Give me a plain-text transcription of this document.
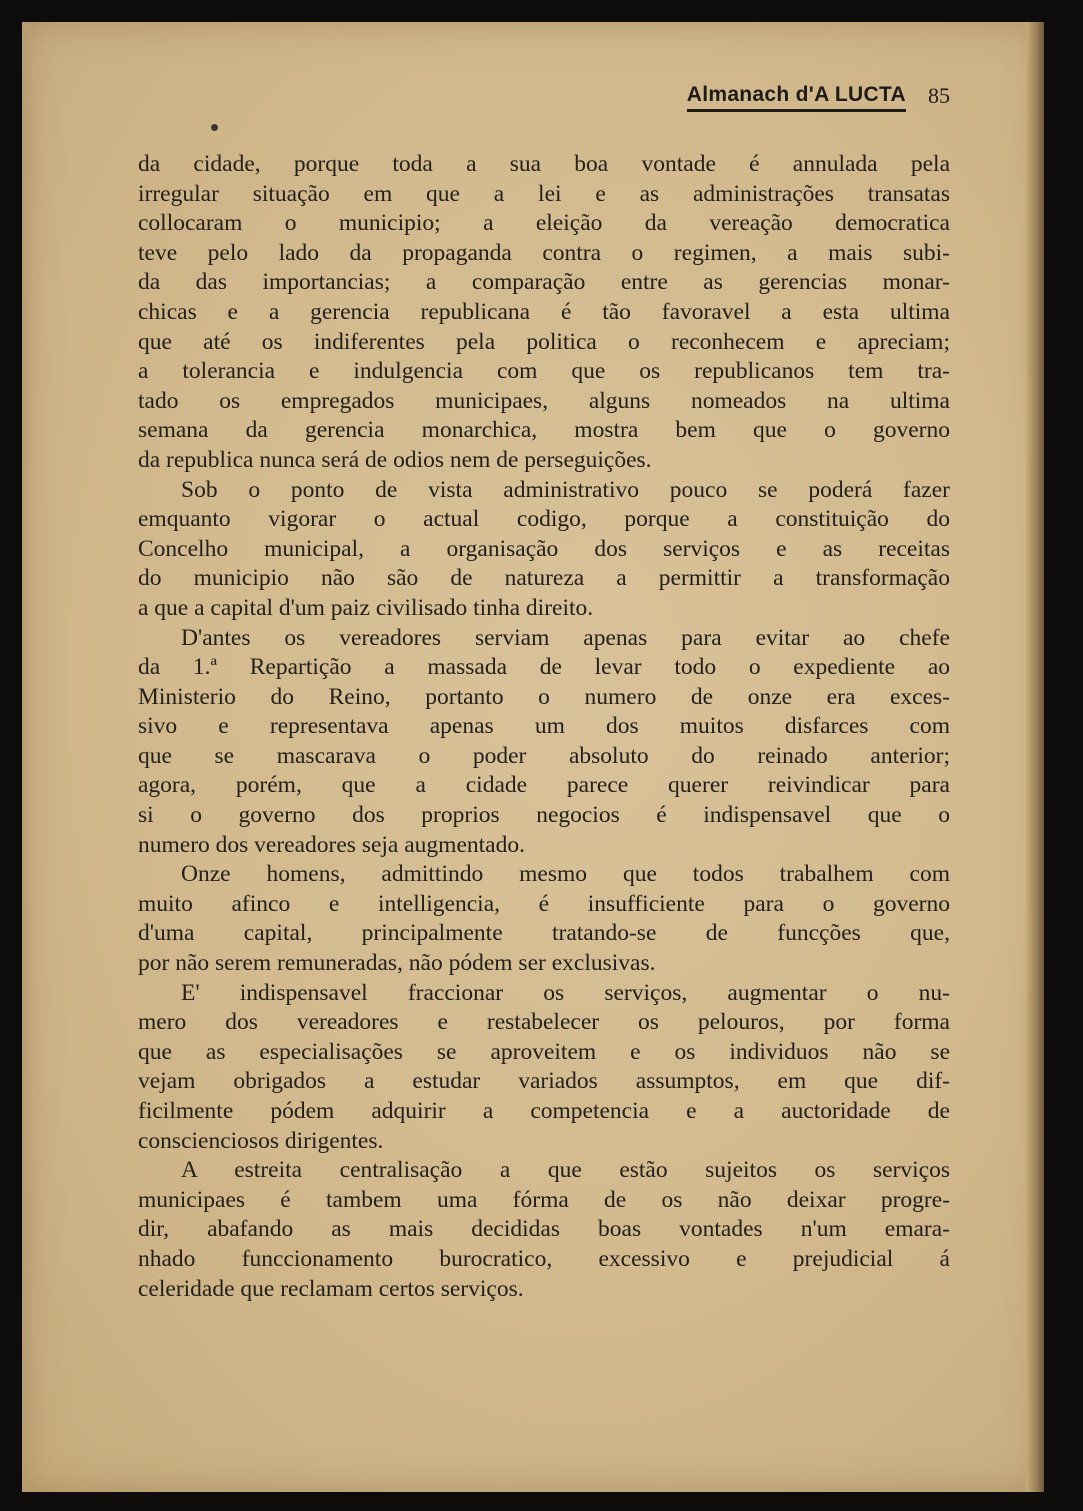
Almanach d'A LUCTA 85
da cidade, porque toda a sua boa vontade é annulada pela
irregular situação em que a lei e as administrações transatas
collocaram o municipio; a eleição da vereação democratica
teve pelo lado da propaganda contra o regimen, a mais subi-
da das importancias; a comparação entre as gerencias monar-
chicas e a gerencia republicana é tão favoravel a esta ultima
que até os indiferentes pela politica o reconhecem e apreciam;
a tolerancia e indulgencia com que os republicanos tem tra-
tado os empregados municipaes, alguns nomeados na ultima
semana da gerencia monarchica, mostra bem que o governo
da republica nunca será de odios nem de perseguições.
Sob o ponto de vista administrativo pouco se poderá fazer
emquanto vigorar o actual codigo, porque a constituição do
Concelho municipal, a organisação dos serviços e as receitas
do municipio não são de natureza a permittir a transformação
a que a capital d'um paiz civilisado tinha direito.
D'antes os vereadores serviam apenas para evitar ao chefe
da 1.ª Repartição a massada de levar todo o expediente ao
Ministerio do Reino, portanto o numero de onze era exces-
sivo e representava apenas um dos muitos disfarces com
que se mascarava o poder absoluto do reinado anterior;
agora, porém, que a cidade parece querer reivindicar para
si o governo dos proprios negocios é indispensavel que o
numero dos vereadores seja augmentado.
Onze homens, admittindo mesmo que todos trabalhem com
muito afinco e intelligencia, é insufficiente para o governo
d'uma capital, principalmente tratando-se de funcções que,
por não serem remuneradas, não pódem ser exclusivas.
E' indispensavel fraccionar os serviços, augmentar o nu-
mero dos vereadores e restabelecer os pelouros, por forma
que as especialisações se aproveitem e os individuos não se
vejam obrigados a estudar variados assumptos, em que dif-
ficilmente pódem adquirir a competencia e a auctoridade de
conscienciosos dirigentes.
A estreita centralisação a que estão sujeitos os serviços
municipaes é tambem uma fórma de os não deixar progre-
dir, abafando as mais decididas boas vontades n'um emara-
nhado funccionamento burocratico, excessivo e prejudicial á
celeridade que reclamam certos serviços.
